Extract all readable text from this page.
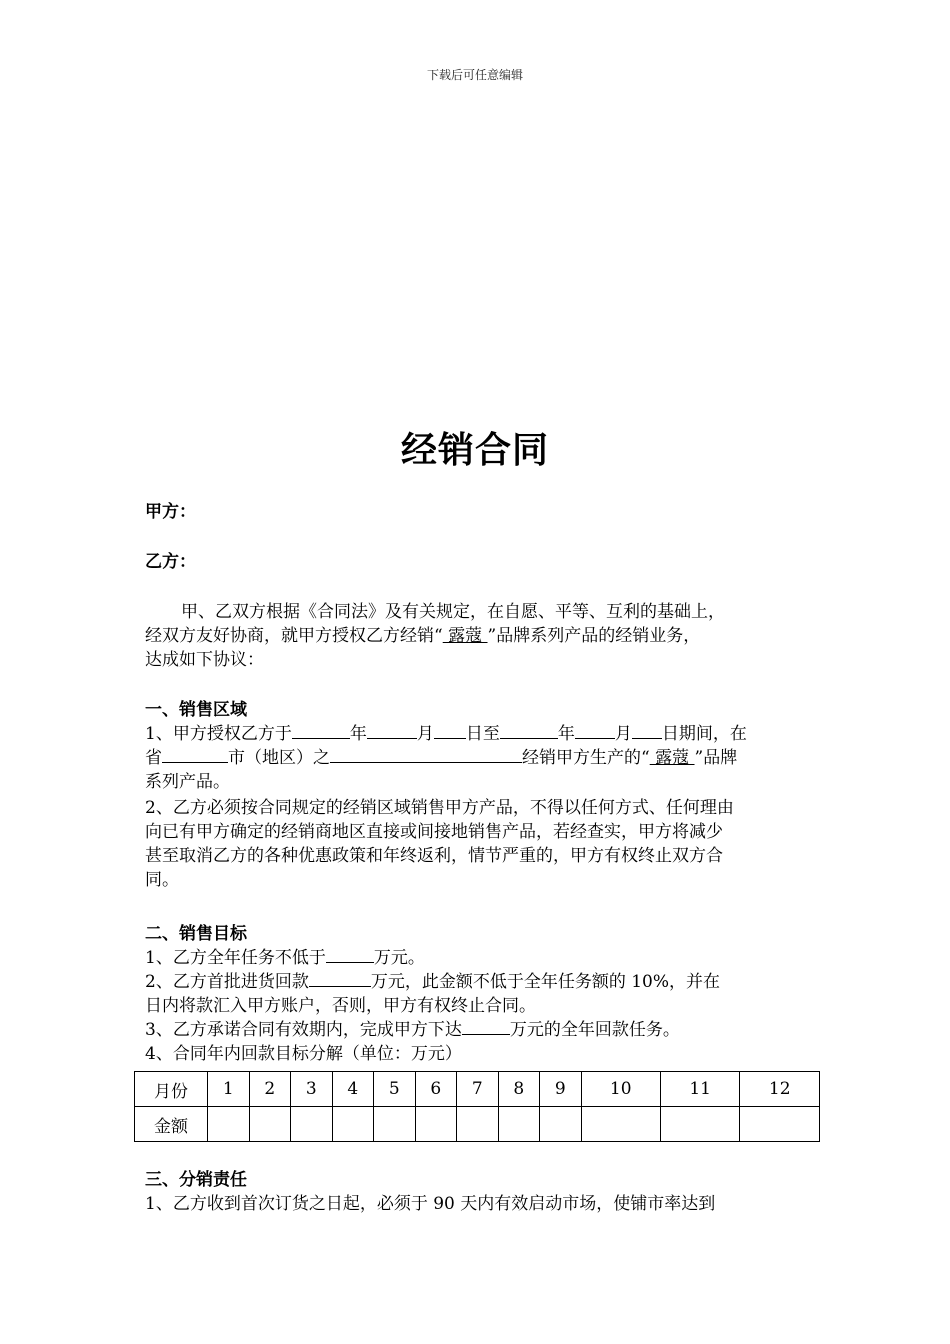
下载后可任意编辑
经销合同
甲方：
乙方：
甲、乙双方根据《合同法》及有关规定，在自愿、平等、互利的基础上，
经双方友好协商，就甲方授权乙方经销“ 露蔻 ”品牌系列产品的经销业务，
达成如下协议：
一、销售区域
1、甲方授权乙方于	年	月 日至	年 月 日期间，在
省	市（地区）之	经销甲方生产的“ 露蔻 ”品牌
系列产品。
2、乙方必须按合同规定的经销区域销售甲方产品，不得以任何方式、任何理由
向已有甲方确定的经销商地区直接或间接地销售产品，若经查实，甲方将减少
甚至取消乙方的各种优惠政策和年终返利，情节严重的，甲方有权终止双方合
同。
二、销售目标
1、乙方全年任务不低于	万元。
2、乙方首批进货回款	万元，此金额不低于全年任务额的 10%，并在
日内将款汇入甲方账户，否则，甲方有权终止合同。
3、乙方承诺合同有效期内，完成甲方下达	万元的全年回款任务。
4、合同年内回款目标分解（单位：万元）
月份	1	2	3	4	5	6	7	8	9	10	11	12
金额												
三、分销责任
1、乙方收到首次订货之日起，必须于 90 天内有效启动市场，使铺市率达到
